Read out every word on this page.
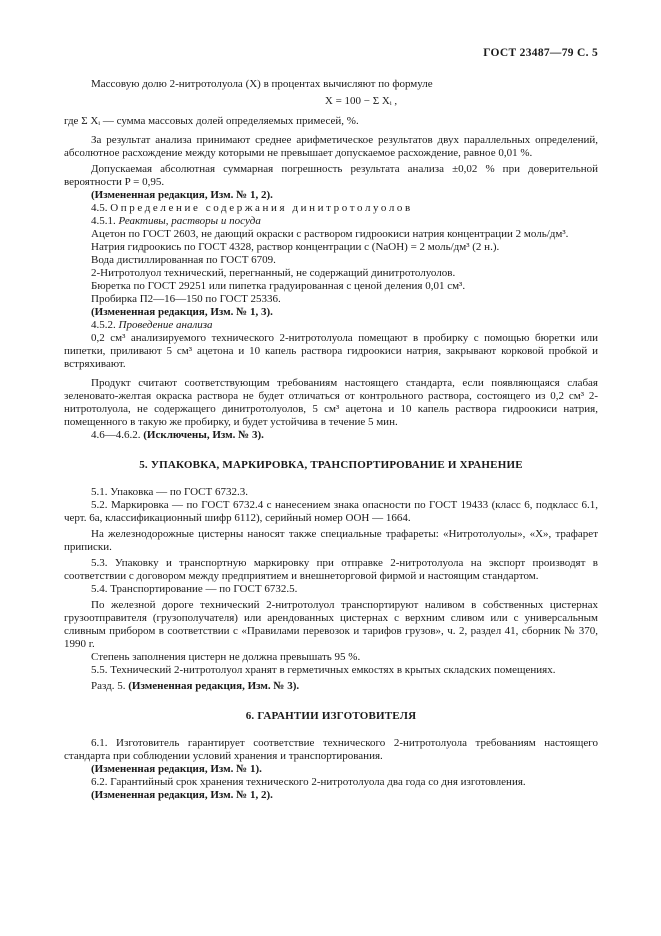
ГОСТ 23487—79 С. 5

Массовую долю 2-нитротолуола (X) в процентах вычисляют по формуле

X = 100 − Σ Xᵢ ,

где Σ Xᵢ — сумма массовых долей определяемых примесей, %.

За результат анализа принимают среднее арифметическое результатов двух параллельных определений, абсолютное расхождение между которыми не превышает допускаемое расхождение, равное 0,01 %.

Допускаемая абсолютная суммарная погрешность результата анализа ±0,02 % при доверительной вероятности P = 0,95.

(Измененная редакция, Изм. № 1, 2).

4.5. Определение содержания динитротолуолов

4.5.1. Реактивы, растворы и посуда

Ацетон по ГОСТ 2603, не дающий окраски с раствором гидроокиси натрия концентрации 2 моль/дм³.

Натрия гидроокись по ГОСТ 4328, раствор концентрации c (NaOH) = 2 моль/дм³ (2 н.).

Вода дистиллированная по ГОСТ 6709.

2-Нитротолуол технический, перегнанный, не содержащий динитротолуолов.

Бюретка по ГОСТ 29251 или пипетка градуированная с ценой деления 0,01 см³.

Пробирка П2—16—150 по ГОСТ 25336.

(Измененная редакция, Изм. № 1, 3).

4.5.2. Проведение анализа

0,2 см³ анализируемого технического 2-нитротолуола помещают в пробирку с помощью бюретки или пипетки, приливают 5 см³ ацетона и 10 капель раствора гидроокиси натрия, закрывают корковой пробкой и встряхивают.

Продукт считают соответствующим требованиям настоящего стандарта, если появляющаяся слабая зеленовато-желтая окраска раствора не будет отличаться от контрольного раствора, состоящего из 0,2 см³ 2-нитротолуола, не содержащего динитротолуолов, 5 см³ ацетона и 10 капель раствора гидроокиси натрия, помещенного в такую же пробирку, и будет устойчива в течение 5 мин.

4.6—4.6.2. (Исключены, Изм. № 3).

5. УПАКОВКА, МАРКИРОВКА, ТРАНСПОРТИРОВАНИЕ И ХРАНЕНИЕ

5.1. Упаковка — по ГОСТ 6732.3.

5.2. Маркировка — по ГОСТ 6732.4 с нанесением знака опасности по ГОСТ 19433 (класс 6, подкласс 6.1, черт. 6а, классификационный шифр 6112), серийный номер ООН — 1664.

На железнодорожные цистерны наносят также специальные трафареты: «Нитротолуолы», «Х», трафарет приписки.

5.3. Упаковку и транспортную маркировку при отправке 2-нитротолуола на экспорт производят в соответствии с договором между предприятием и внешнеторговой фирмой и настоящим стандартом.

5.4. Транспортирование — по ГОСТ 6732.5.

По железной дороге технический 2-нитротолуол транспортируют наливом в собственных цистернах грузоотправителя (грузополучателя) или арендованных цистернах с верхним сливом или с универсальным сливным прибором в соответствии с «Правилами перевозок и тарифов грузов», ч. 2, раздел 41, сборник № 370, 1990 г.

Степень заполнения цистерн не должна превышать 95 %.

5.5. Технический 2-нитротолуол хранят в герметичных емкостях в крытых складских помещениях.

Разд. 5. (Измененная редакция, Изм. № 3).

6. ГАРАНТИИ ИЗГОТОВИТЕЛЯ

6.1. Изготовитель гарантирует соответствие технического 2-нитротолуола требованиям настоящего стандарта при соблюдении условий хранения и транспортирования.

(Измененная редакция, Изм. № 1).

6.2. Гарантийный срок хранения технического 2-нитротолуола два года со дня изготовления.

(Измененная редакция, Изм. № 1, 2).
